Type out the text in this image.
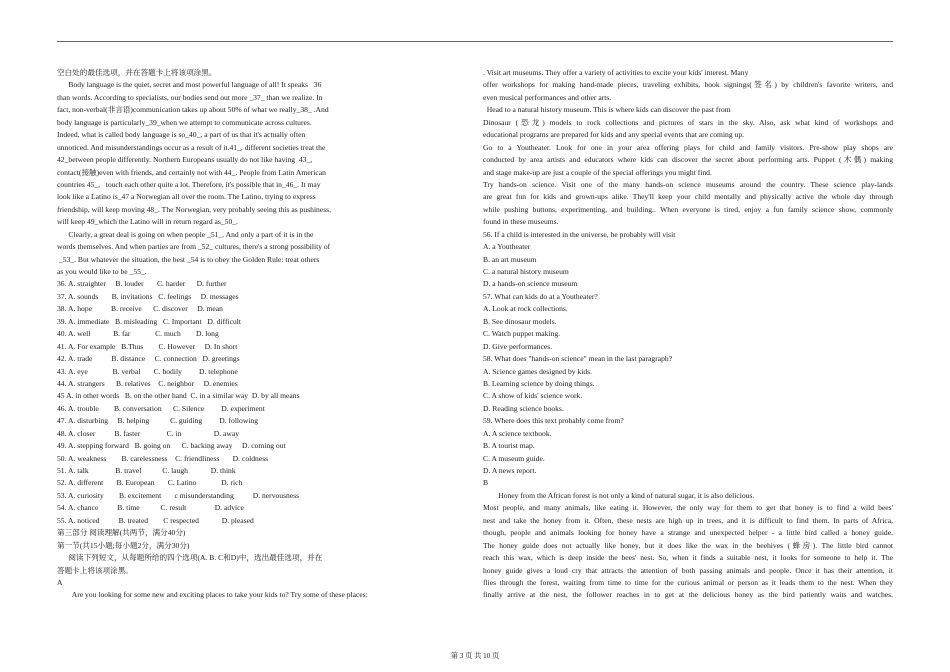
空白处的最佳选项，并在答题卡上将该项涂黑。
Body language is the quiet, secret and most powerful language of all! It speaks   36
than words. According to specialists, our bodies send out more _37_ than we realize. In
fact, non-verbal(非言语)communication takes up about 50% of what we really_38_ .And
body language is particularly_39_when we attempt to communicate across cultures.
Indeed, what is called body language is so_40_, a part of us that it's actually often
unnoticed. And misunderstandings occur as a result of it.41_, different societies treat the
42_between people differently. Northern Europeans usually do not like having  43_,
contact(接触)even with friends, and certainly not with 44_. People from Latin American
countries 45_,   touch each other quite a lot. Therefore, it's possible that in_46_. It may
look like a Latino is_47 a Norwegian all over the room. The Latino, trying to express
friendship, will keep moving 48_. The Norwegian, very probably seeing this as pushiness,
will keep 49_which the Latino will in return regard as_50_.
Clearly, a great deal is going on when people _51_. And only a part of it is in the
words themselves. And when parties are from _52_ cultures, there's a strong possibility of
_53_. But whatever the situation, the best _54 is to obey the Golden Rule: treat others
as you would like to be _55_.
36. A. straighter     B. louder       C. harder      D. further
37. A. sounds       B. invitations   C. feelings     D. messages
38. A. hope          B. receive      C. discover     D. mean
39. A. immediate   B. misleading   C. Important   D. difficult
40. A. well            B. far             C. much        D. long
41. A. For example   B.Thus        C. However     D. In short
42. A. trade          B. distance     C. connection   D. greetings
43. A. eye             B. verbal       C. bodily         D. telephone
44. A. strangers      B. relatives    C. neighbor     D. enemies
45 A. in other words   B. on the other hand  C. in a similar way  D. by all means
46. A. trouble        B. conversation      C. Silence         D. experiment
47. A. disturbing     B. helping           C. guiding         D. following
48. A. closer          B. faster              C. in                 D. away
49. A. stepping forward   B. going on      C. backing away     D. coming out
50. A. weakness        B. carelessness    C. friendliness       D. coldness
51. A. talk              B. travel           C. laugh            D. think
52. A. different       B. European       C. Latino             D. rich
53. A. curiosity        B. excitement       c misunderstanding          D. nervousness
54. A. chance          B. time           C. result               D. advice
55. A. noticed          B. treated        C respected            D. pleased
第三部分 阅读理解(共两节，满分40分)
第一节(共15小题;每小题2分，满分30分)
阅读下列短文，从每题所给的四个选项(A. B. C和D)中，选出最佳选项，并在
答题卡上将该项涂黑。
A
Are you looking for some new and exciting places to take your kids to? Try some of these places:
. Visit art museums. They offer a variety of activities to excite your kids' interest. Many
offer workshops for making hand-made pieces, traveling exhibits, book signings(签名) by children's favorite writers, and
even musical performances and other arts.
Head to a natural history museum. This is where kids can discover the past from
Dinosaur (恐龙) models to rock collections and pictures of stars in the sky. Also, ask what kind of workshops and
educational programs are prepared for kids and any special events that are coming up.
Go to a Youtheater. Look for one in your area offering plays for child and family visitors. Pre-show play shops are
conducted by area artists and educators where kids can discover the secret about performing arts. Puppet (木偶) making
and stage make-up are just a couple of the special offerings you might find.
Try hands-on science. Visit one of the many hands-on science museums around the country. These science play-lands
are great fun for kids and grown-ups alike. They'll keep your child mentally and physically active the whole day through
while pushing buttons, experimenting, and building.. When everyone is tired, enjoy a fun family science show, commonly
found in these museums.
56. If a child is interested in the universe, he probably will visit
A. a Youtheater
B. an art museum
C. a natural history museum
D. a hands-on science museum
57. What can kids do at a Youtheater?
A. Look at rock collections.
B. See dinosaur models.
C. Watch puppet making.
D. Give performances.
58. What does "hands-on science" mean in the last paragraph?
A. Science games designed by kids.
B. Learning science by doing things.
C. A show of kids' science work.
D. Reading science books.
59. Where does this text probably come from?
A. A science textbook.
B. A tourist map.
C. A museum guide.
D. A news report.
B
Honey from the African forest is not only a kind of natural sugar, it is also delicious.
Most people, and many animals, like eating it. However, the only way for them to get that honey is to find a wild bees'
nest and take the honey from it. Often, these nests are high up in trees, and it is difficult to find them. In parts of Africa,
though, people and animals looking for honey have a strange and unexpected helper - a little bird called a honey guide.
The honey guide does not actually like honey, but it does like the wax in the beehives (蜂房). The little bird cannot
reach this wax, which is deep inside the bees' nest. So, when it finds a suitable nest, it looks for someone to help it. The
honey guide gives a loud cry that attracts the attention of both passing animals and people. Once it has their attention, it
flies through the forest, waiting from time to time for the curious animal or person as it leads them to the nest. When they
finally arrive at the nest, the follower reaches in to get at the delicious honey as the bird patiently waits and watches.
第 3 页 共 10 页
